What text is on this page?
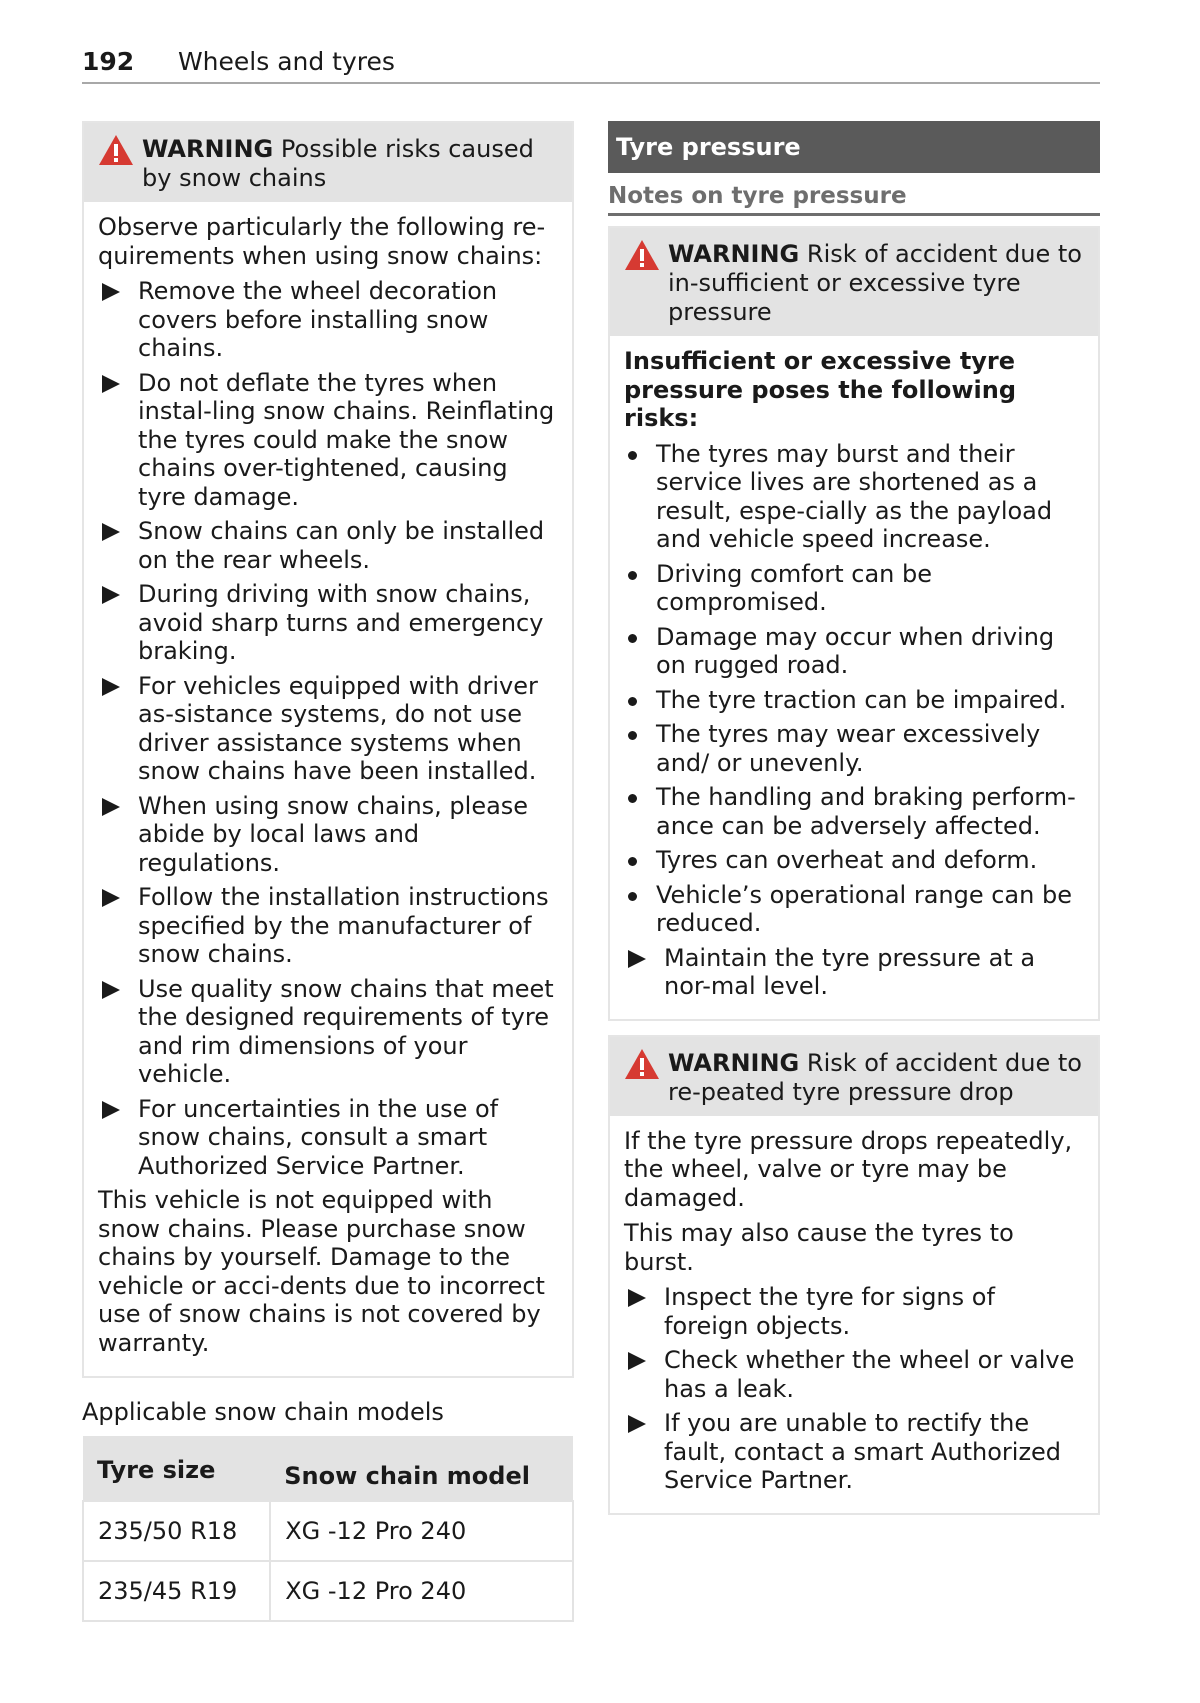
192 Wheels and tyres
WARNING Possible risks caused by snow chains

Observe particularly the following re-quirements when using snow chains:

Remove the wheel decoration covers before installing snow chains.
Do not deflate the tyres when instal-ling snow chains. Reinflating the tyres could make the snow chains over-tightened, causing tyre damage.
Snow chains can only be installed on the rear wheels.
During driving with snow chains, avoid sharp turns and emergency braking.
For vehicles equipped with driver as-sistance systems, do not use driver assistance systems when snow chains have been installed.
When using snow chains, please abide by local laws and regulations.
Follow the installation instructions specified by the manufacturer of snow chains.
Use quality snow chains that meet the designed requirements of tyre and rim dimensions of your vehicle.
For uncertainties in the use of snow chains, consult a smart Authorized Service Partner.

This vehicle is not equipped with snow chains. Please purchase snow chains by yourself. Damage to the vehicle or acci-dents due to incorrect use of snow chains is not covered by warranty.

Applicable snow chain models
Tyre size	Snow chain model
235/50 R18	XG -12 Pro 240
235/45 R19	XG -12 Pro 240
Tyre pressure
Notes on tyre pressure
WARNING Risk of accident due to in-sufficient or excessive tyre pressure

Insufficient or excessive tyre pressure poses the following risks:

The tyres may burst and their service lives are shortened as a result, espe-cially as the payload and vehicle speed increase.
Driving comfort can be compromised.
Damage may occur when driving on rugged road.
The tyre traction can be impaired.
The tyres may wear excessively and/ or unevenly.
The handling and braking perform-ance can be adversely affected.
Tyres can overheat and deform.
Vehicle’s operational range can be reduced.
Maintain the tyre pressure at a nor-mal level.
WARNING Risk of accident due to re-peated tyre pressure drop

If the tyre pressure drops repeatedly, the wheel, valve or tyre may be damaged.

This may also cause the tyres to burst.

Inspect the tyre for signs of foreign objects.
Check whether the wheel or valve has a leak.
If you are unable to rectify the fault, contact a smart Authorized Service Partner.
